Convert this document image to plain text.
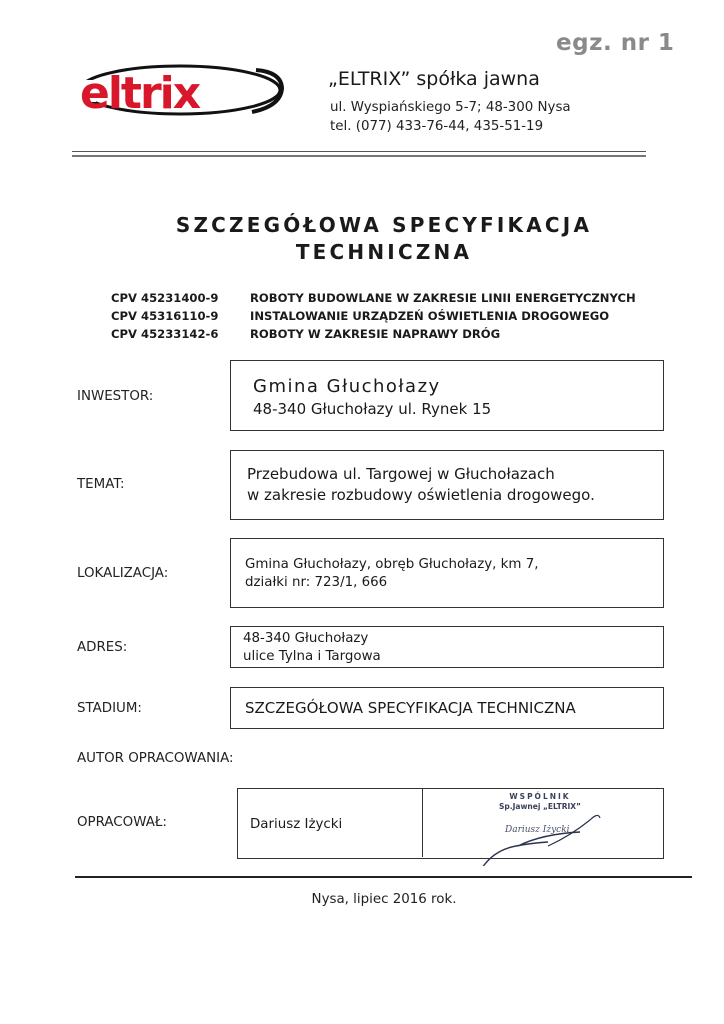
egz. nr 1
eltrix	„ELTRIX” spółka jawna
ul. Wyspiańskiego 5-7; 48-300 Nysa
tel. (077) 433-76-44, 435-51-19
SZCZEGÓŁOWA SPECYFIKACJA
TECHNICZNA
CPV 45231400-9	ROBOTY BUDOWLANE W ZAKRESIE LINII ENERGETYCZNYCH
CPV 45316110-9	INSTALOWANIE URZĄDZEŃ OŚWIETLENIA DROGOWEGO
CPV 45233142-6	ROBOTY W ZAKRESIE NAPRAWY DRÓG
INWESTOR:	Gmina Głuchołazy
48-340 Głuchołazy ul. Rynek 15
TEMAT:
Przebudowa ul. Targowej w Głuchołazach
w zakresie rozbudowy oświetlenia drogowego.
LOKALIZACJA:
Gmina Głuchołazy, obręb Głuchołazy, km 7,
działki nr: 723/1, 666
ADRES:
48-340 Głuchołazy
ulice Tylna i Targowa
STADIUM:	SZCZEGÓŁOWA SPECYFIKACJA TECHNICZNA
AUTOR OPRACOWANIA:
OPRACOWAŁ:	Dariusz Iżycki
WSPÓLNIK
Sp.Jawnej „ELTRIX”
Dariusz Iżycki
Nysa, lipiec 2016 rok.
